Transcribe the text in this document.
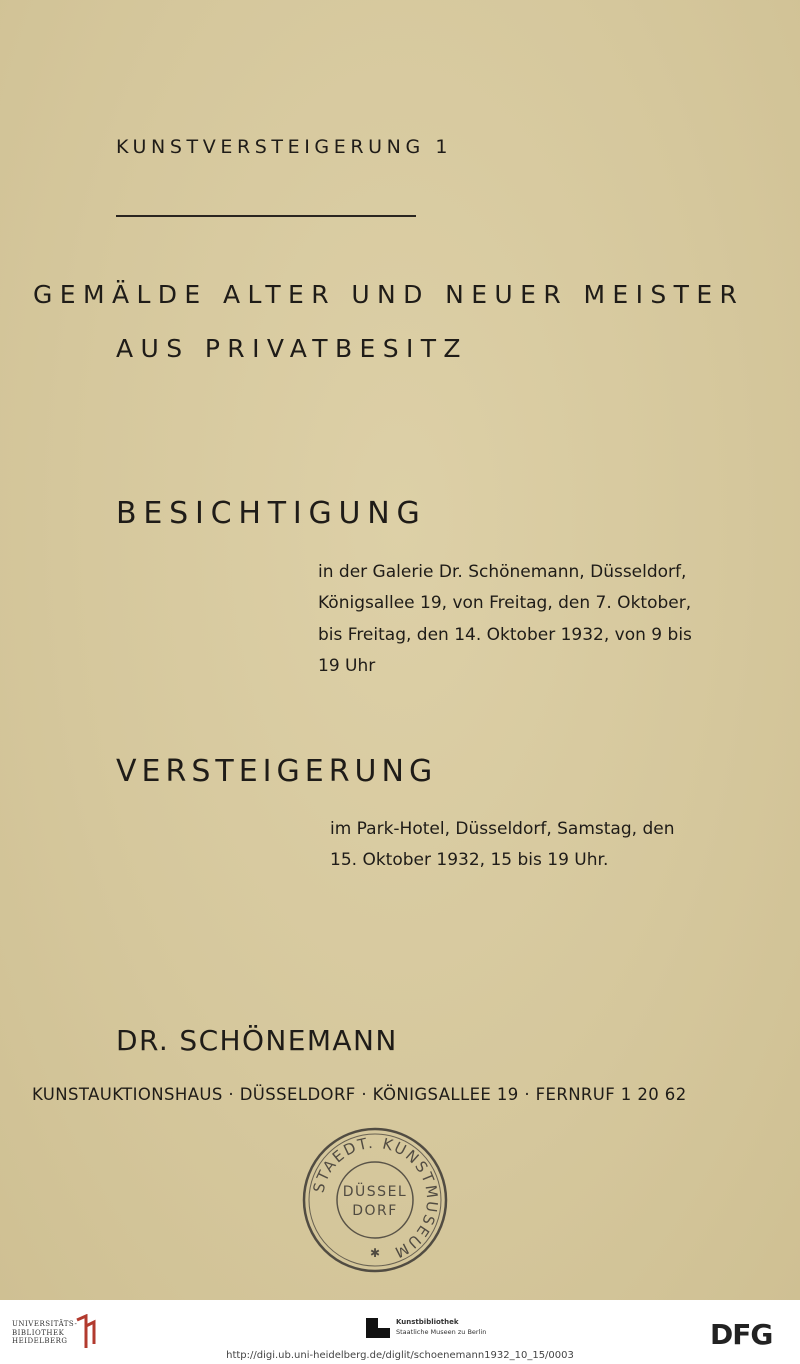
KUNSTVERSTEIGERUNG 1
GEMÄLDE ALTER UND NEUER MEISTER
AUS PRIVATBESITZ
BESICHTIGUNG
in der Galerie Dr. Schönemann, Düsseldorf,
Königsallee 19, von Freitag, den 7. Oktober,
bis Freitag, den 14. Oktober 1932, von 9 bis
19 Uhr
VERSTEIGERUNG
im Park-Hotel, Düsseldorf, Samstag, den
15. Oktober 1932, 15 bis 19 Uhr.
DR. SCHÖNEMANN
KUNSTAUKTIONSHAUS · DÜSSELDORF · KÖNIGSALLEE 19 · FERNRUF 1 20 62
STAEDT. KUNSTMUSEUM
DÜSSEL
DORF
✱
UNIVERSITÄTS-
BIBLIOTHEK
HEIDELBERG
Kunstbibliothek
Staatliche Museen zu Berlin	DFG
http://digi.ub.uni-heidelberg.de/diglit/schoenemann1932_10_15/0003
